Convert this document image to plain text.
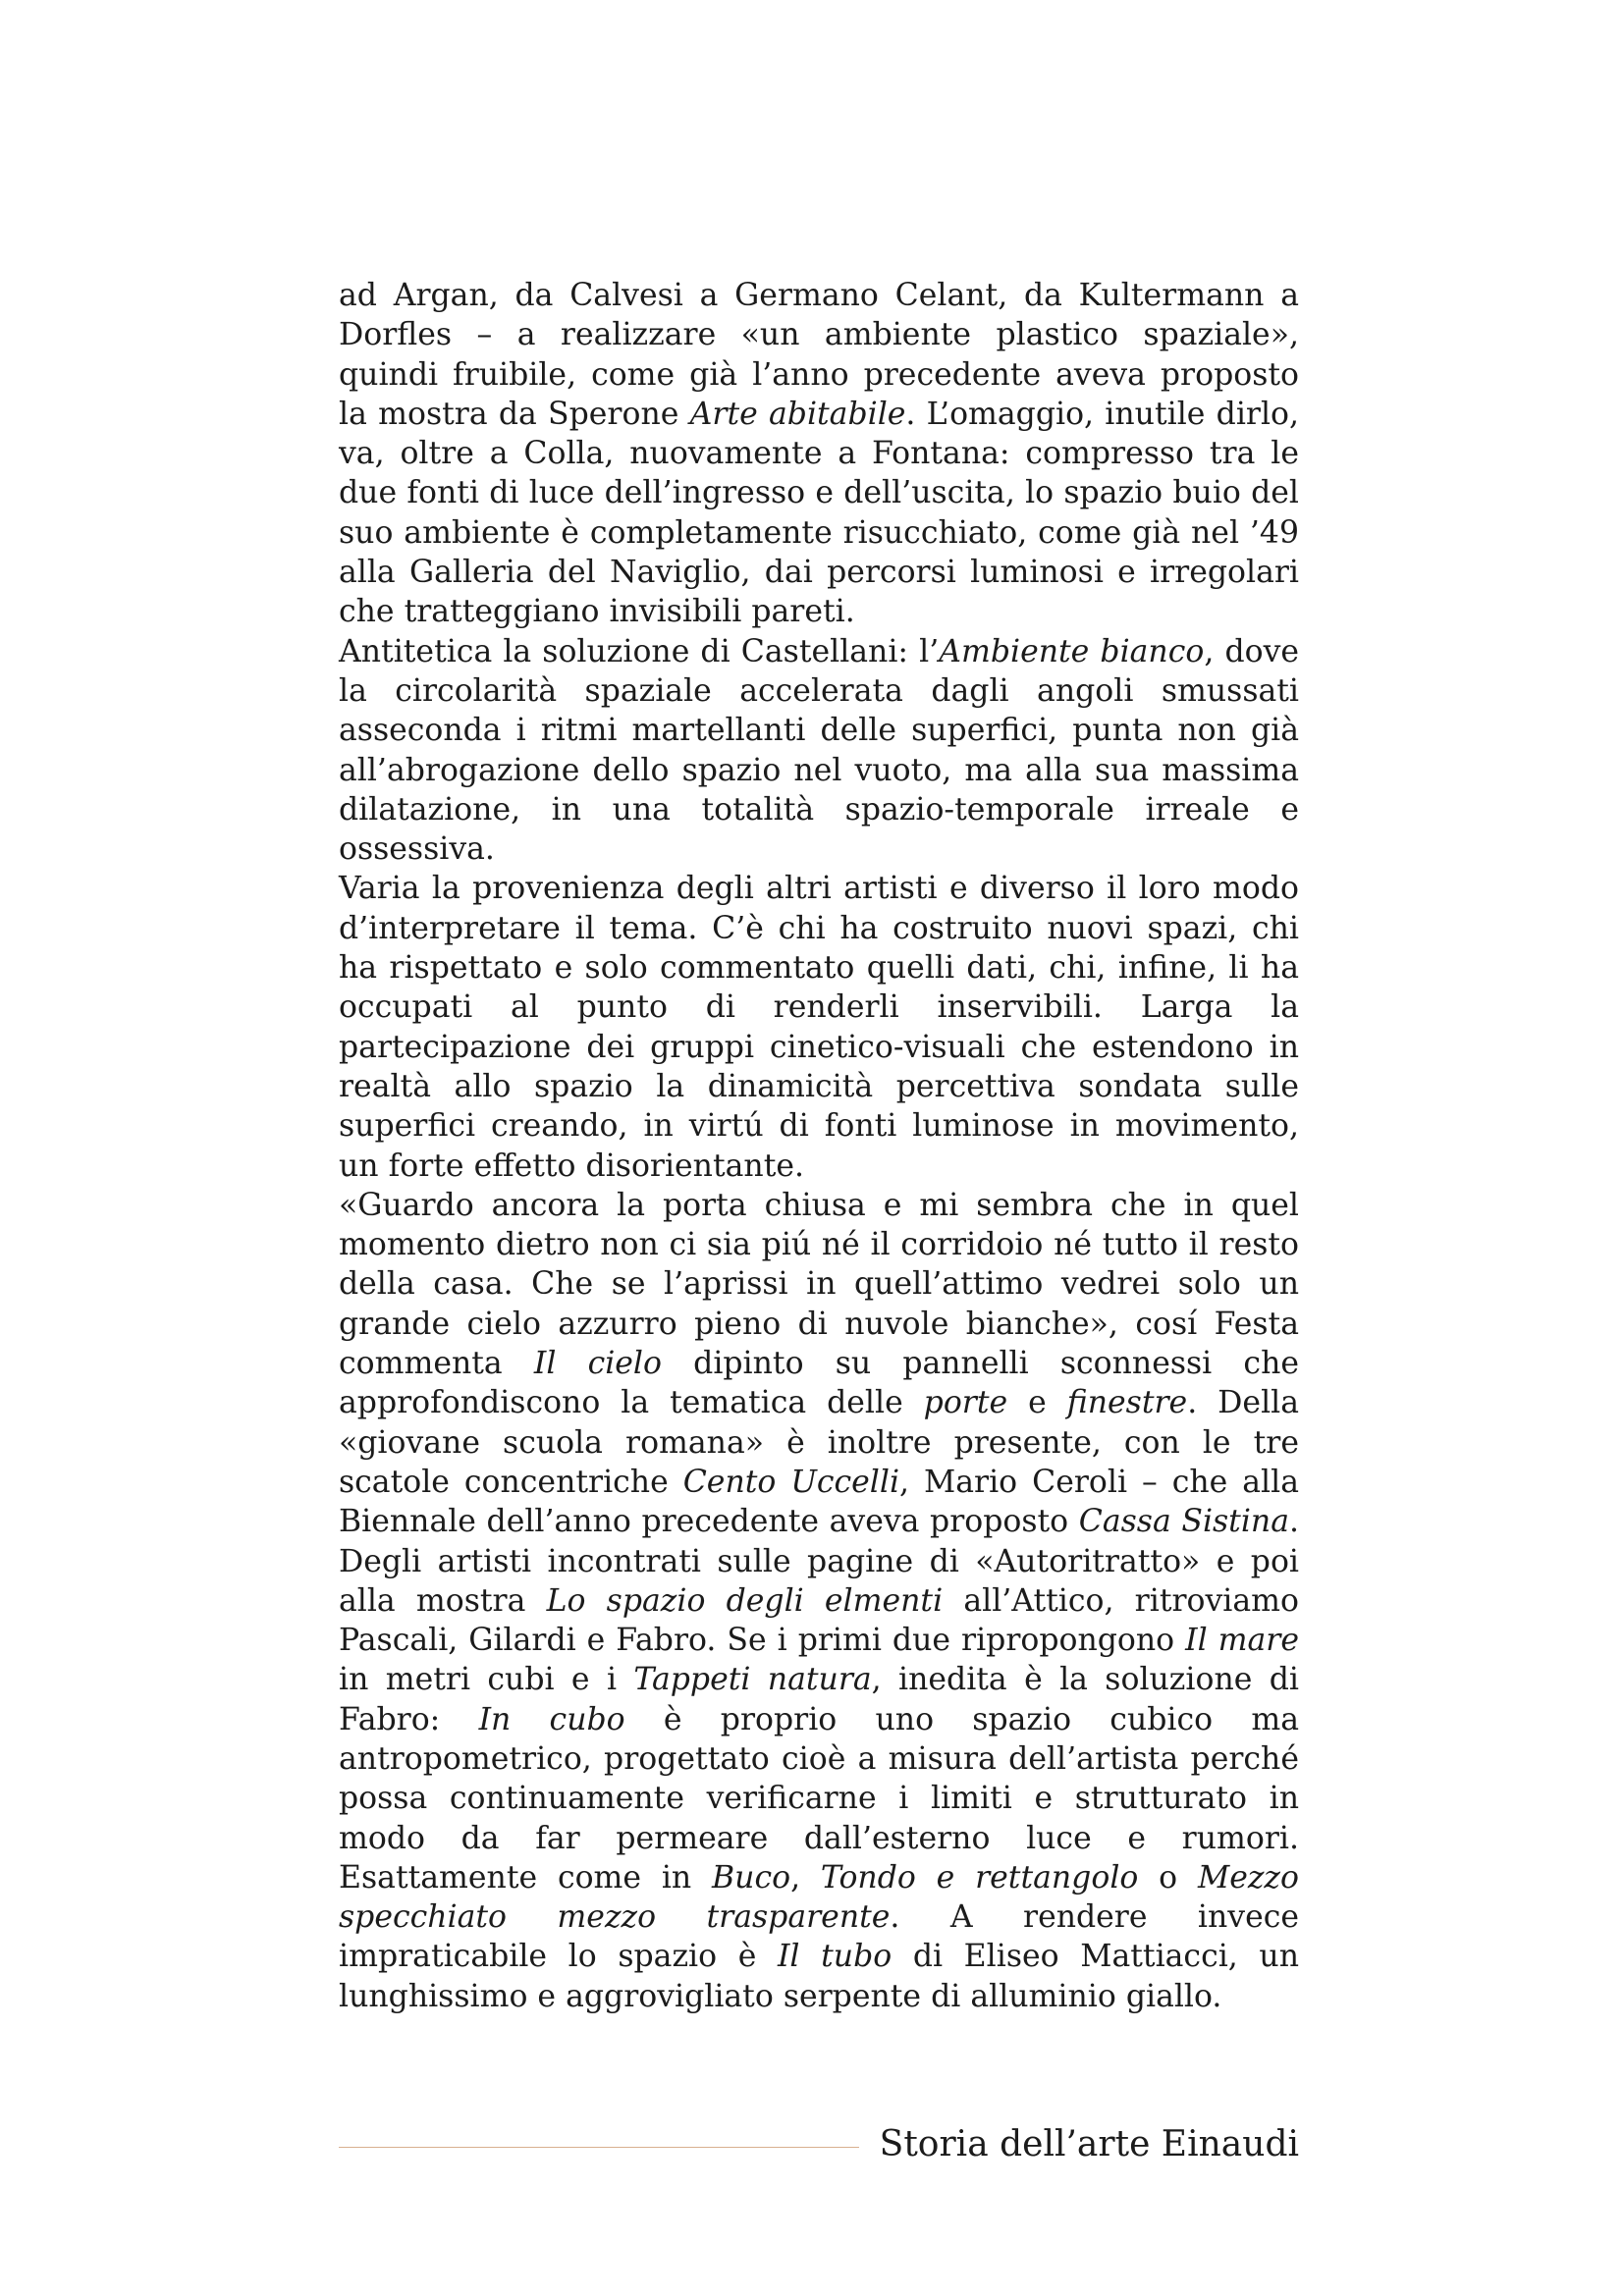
ad Argan, da Calvesi a Germano Celant, da Kultermann a Dorfles – a realizzare «un ambiente plastico spaziale», quindi fruibile, come già l’anno precedente aveva proposto la mostra da Sperone Arte abitabile. L’omaggio, inutile dirlo, va, oltre a Colla, nuovamente a Fontana: compresso tra le due fonti di luce dell’ingresso e dell’uscita, lo spazio buio del suo ambiente è completamente risucchiato, come già nel ’49 alla Galleria del Naviglio, dai percorsi luminosi e irregolari che tratteggiano invisibili pareti.

Antitetica la soluzione di Castellani: l’Ambiente bianco, dove la circolarità spaziale accelerata dagli angoli smussati asseconda i ritmi martellanti delle superfici, punta non già all’abrogazione dello spazio nel vuoto, ma alla sua massima dilatazione, in una totalità spazio-temporale irreale e ossessiva.

Varia la provenienza degli altri artisti e diverso il loro modo d’interpretare il tema. C’è chi ha costruito nuovi spazi, chi ha rispettato e solo commentato quelli dati, chi, infine, li ha occupati al punto di renderli inservibili. Larga la partecipazione dei gruppi cinetico-visuali che estendono in realtà allo spazio la dinamicità percettiva sondata sulle superfici creando, in virtú di fonti luminose in movimento, un forte effetto disorientante.

«Guardo ancora la porta chiusa e mi sembra che in quel momento dietro non ci sia piú né il corridoio né tutto il resto della casa. Che se l’aprissi in quell’attimo vedrei solo un grande cielo azzurro pieno di nuvole bianche», cosí Festa commenta Il cielo dipinto su pannelli sconnessi che approfondiscono la tematica delle porte e finestre. Della «giovane scuola romana» è inoltre presente, con le tre scatole concentriche Cento Uccelli, Mario Ceroli – che alla Biennale dell’anno precedente aveva proposto Cassa Sistina. Degli artisti incontrati sulle pagine di «Autoritratto» e poi alla mostra Lo spazio degli elmenti all’Attico, ritroviamo Pascali, Gilardi e Fabro. Se i primi due ripropongono Il mare in metri cubi e i Tappeti natura, inedita è la soluzione di Fabro: In cubo è proprio uno spazio cubico ma antropometrico, progettato cioè a misura dell’artista perché possa continuamente verificarne i limiti e strutturato in modo da far permeare dall’esterno luce e rumori. Esattamente come in Buco, Tondo e rettangolo o Mezzo specchiato mezzo trasparente. A rendere invece impraticabile lo spazio è Il tubo di Eliseo Mattiacci, un lunghissimo e aggrovigliato serpente di alluminio giallo.

Storia dell’arte Einaudi
